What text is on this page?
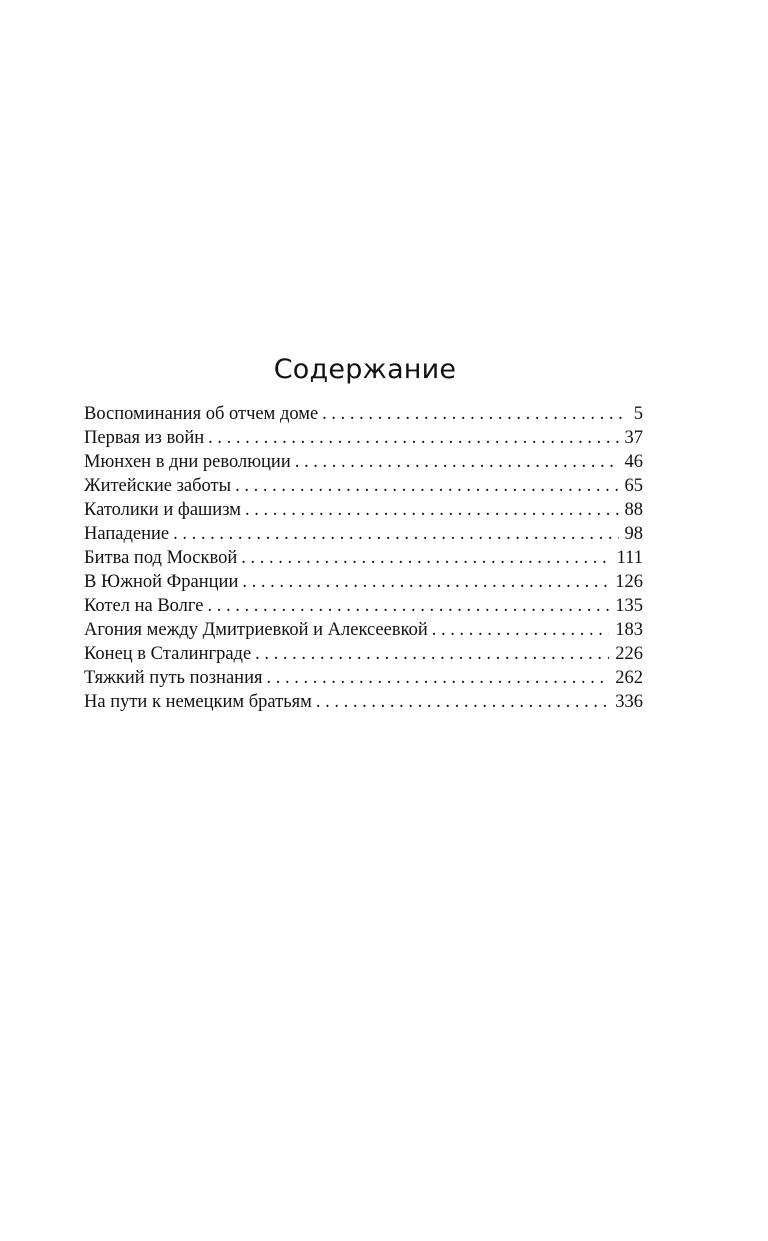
Содержание
Воспоминания об отчем доме . . .	5
Первая из войн . . .	37
Мюнхен в дни революции . . .	46
Житейские заботы . . .	65
Католики и фашизм . . .	88
Нападение . . .	98
Битва под Москвой . . .	111
В Южной Франции . . .	126
Котел на Волге . . .	135
Агония между Дмитриевкой и Алексеевкой . . .	183
Конец в Сталинграде . . .	226
Тяжкий путь познания . . .	262
На пути к немецким братьям . . .	336
